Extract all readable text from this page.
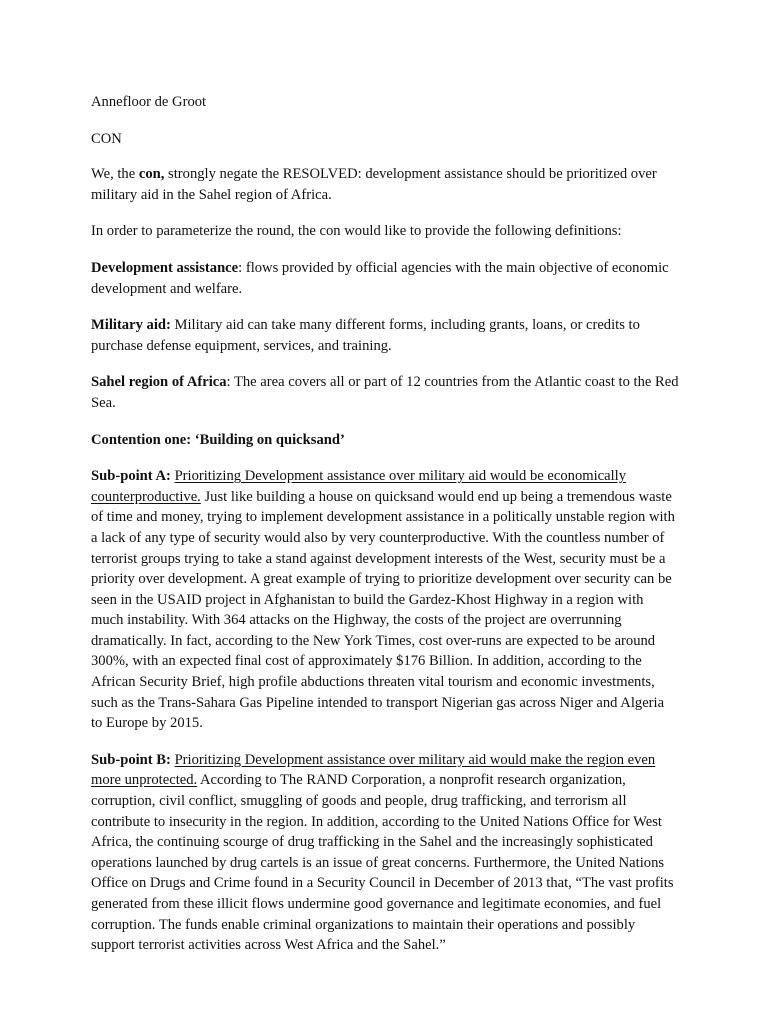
Annefloor de Groot

CON

We, the con, strongly negate the RESOLVED: development assistance should be prioritized over military aid in the Sahel region of Africa.

In order to parameterize the round, the con would like to provide the following definitions:

Development assistance: flows provided by official agencies with the main objective of economic development and welfare.

Military aid: Military aid can take many different forms, including grants, loans, or credits to purchase defense equipment, services, and training.

Sahel region of Africa: The area covers all or part of 12 countries from the Atlantic coast to the Red Sea.

Contention one: ‘Building on quicksand’

Sub-point A: Prioritizing Development assistance over military aid would be economically counterproductive. Just like building a house on quicksand would end up being a tremendous waste of time and money, trying to implement development assistance in a politically unstable region with a lack of any type of security would also by very counterproductive. With the countless number of terrorist groups trying to take a stand against development interests of the West, security must be a priority over development. A great example of trying to prioritize development over security can be seen in the USAID project in Afghanistan to build the Gardez-Khost Highway in a region with much instability. With 364 attacks on the Highway, the costs of the project are overrunning dramatically. In fact, according to the New York Times, cost over-runs are expected to be around 300%, with an expected final cost of approximately $176 Billion. In addition, according to the African Security Brief, high profile abductions threaten vital tourism and economic investments, such as the Trans-Sahara Gas Pipeline intended to transport Nigerian gas across Niger and Algeria to Europe by 2015.

Sub-point B: Prioritizing Development assistance over military aid would make the region even more unprotected. According to The RAND Corporation, a nonprofit research organization, corruption, civil conflict, smuggling of goods and people, drug trafficking, and terrorism all contribute to insecurity in the region. In addition, according to the United Nations Office for West Africa, the continuing scourge of drug trafficking in the Sahel and the increasingly sophisticated operations launched by drug cartels is an issue of great concerns. Furthermore, the United Nations Office on Drugs and Crime found in a Security Council in December of 2013 that, “The vast profits generated from these illicit flows undermine good governance and legitimate economies, and fuel corruption. The funds enable criminal organizations to maintain their operations and possibly support terrorist activities across West Africa and the Sahel.”
